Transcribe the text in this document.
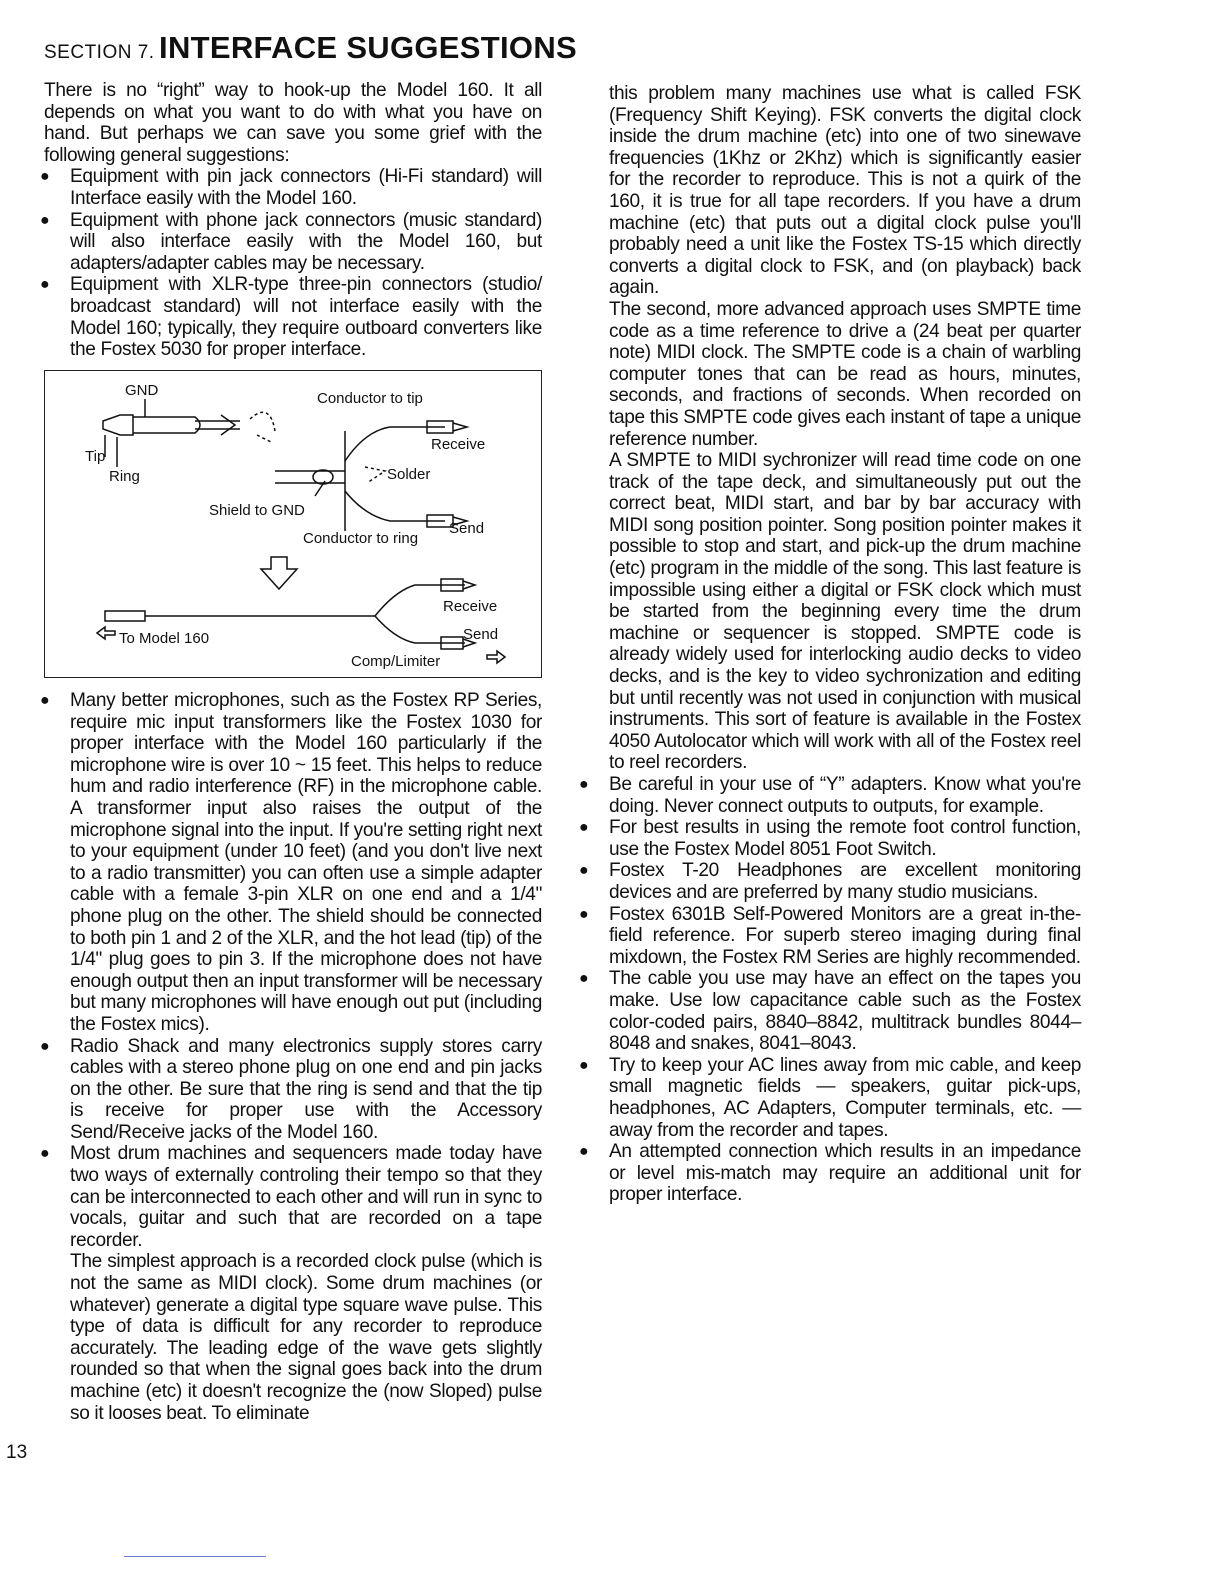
SECTION 7. INTERFACE SUGGESTIONS

There is no “right” way to hook-up the Model 160. It all depends on what you want to do with what you have on hand. But perhaps we can save you some grief with the following general suggestions:

● Equipment with pin jack connectors (Hi-Fi standard) will Interface easily with the Model 160.

● Equipment with phone jack connectors (music standard) will also interface easily with the Model 160, but adapters/adapter cables may be necessary.

● Equipment with XLR-type three-pin connectors (studio/ broadcast standard) will not interface easily with the Model 160; typically, they require outboard converters like the Fostex 5030 for proper interface.

GND	Conductor to tip
Receive
Tip
Ring	Solder
Shield to GND
Send
Conductor to ring
Receive
To Model 160	Send
Comp/Limiter

● Many better microphones, such as the Fostex RP Series, require mic input transformers like the Fostex 1030 for proper interface with the Model 160 particularly if the microphone wire is over 10 ~ 15 feet. This helps to reduce hum and radio interference (RF) in the microphone cable. A transformer input also raises the output of the microphone signal into the input. If you're setting right next to your equipment (under 10 feet) (and you don't live next to a radio transmitter) you can often use a simple adapter cable with a female 3-pin XLR on one end and a 1/4" phone plug on the other. The shield should be connected to both pin 1 and 2 of the XLR, and the hot lead (tip) of the 1/4" plug goes to pin 3. If the microphone does not have enough output then an input transformer will be necessary but many microphones will have enough out put (including the Fostex mics).

● Radio Shack and many electronics supply stores carry cables with a stereo phone plug on one end and pin jacks on the other. Be sure that the ring is send and that the tip is receive for proper use with the Accessory Send/Receive jacks of the Model 160.

● Most drum machines and sequencers made today have two ways of externally controling their tempo so that they can be interconnected to each other and will run in sync to vocals, guitar and such that are recorded on a tape recorder.

The simplest approach is a recorded clock pulse (which is not the same as MIDI clock). Some drum machines (or whatever) generate a digital type square wave pulse. This type of data is difficult for any recorder to reproduce accurately. The leading edge of the wave gets slightly rounded so that when the signal goes back into the drum machine (etc) it doesn't recognize the (now Sloped) pulse so it looses beat. To eliminate

this problem many machines use what is called FSK (Frequency Shift Keying). FSK converts the digital clock inside the drum machine (etc) into one of two sinewave frequencies (1Khz or 2Khz) which is significantly easier for the recorder to reproduce. This is not a quirk of the 160, it is true for all tape recorders. If you have a drum machine (etc) that puts out a digital clock pulse you'll probably need a unit like the Fostex TS-15 which directly converts a digital clock to FSK, and (on playback) back again.

The second, more advanced approach uses SMPTE time code as a time reference to drive a (24 beat per quarter note) MIDI clock. The SMPTE code is a chain of warbling computer tones that can be read as hours, minutes, seconds, and fractions of seconds. When recorded on tape this SMPTE code gives each instant of tape a unique reference number.

A SMPTE to MIDI sychronizer will read time code on one track of the tape deck, and simultaneously put out the correct beat, MIDI start, and bar by bar accuracy with MIDI song position pointer. Song position pointer makes it possible to stop and start, and pick-up the drum machine (etc) program in the middle of the song. This last feature is impossible using either a digital or FSK clock which must be started from the beginning every time the drum machine or sequencer is stopped. SMPTE code is already widely used for interlocking audio decks to video decks, and is the key to video sychronization and editing but until recently was not used in conjunction with musical instruments. This sort of feature is available in the Fostex 4050 Autolocator which will work with all of the Fostex reel to reel recorders.

● Be careful in your use of “Y” adapters. Know what you're doing. Never connect outputs to outputs, for example.

● For best results in using the remote foot control function, use the Fostex Model 8051 Foot Switch.

● Fostex T-20 Headphones are excellent monitoring devices and are preferred by many studio musicians.

● Fostex 6301B Self-Powered Monitors are a great in-the-field reference. For superb stereo imaging during final mixdown, the Fostex RM Series are highly recommended.

● The cable you use may have an effect on the tapes you make. Use low capacitance cable such as the Fostex color-coded pairs, 8840–8842, multitrack bundles 8044–8048 and snakes, 8041–8043.

● Try to keep your AC lines away from mic cable, and keep small magnetic fields — speakers, guitar pick-ups, headphones, AC Adapters, Computer terminals, etc. — away from the recorder and tapes.

● An attempted connection which results in an impedance or level mis-match may require an additional unit for proper interface.

13
